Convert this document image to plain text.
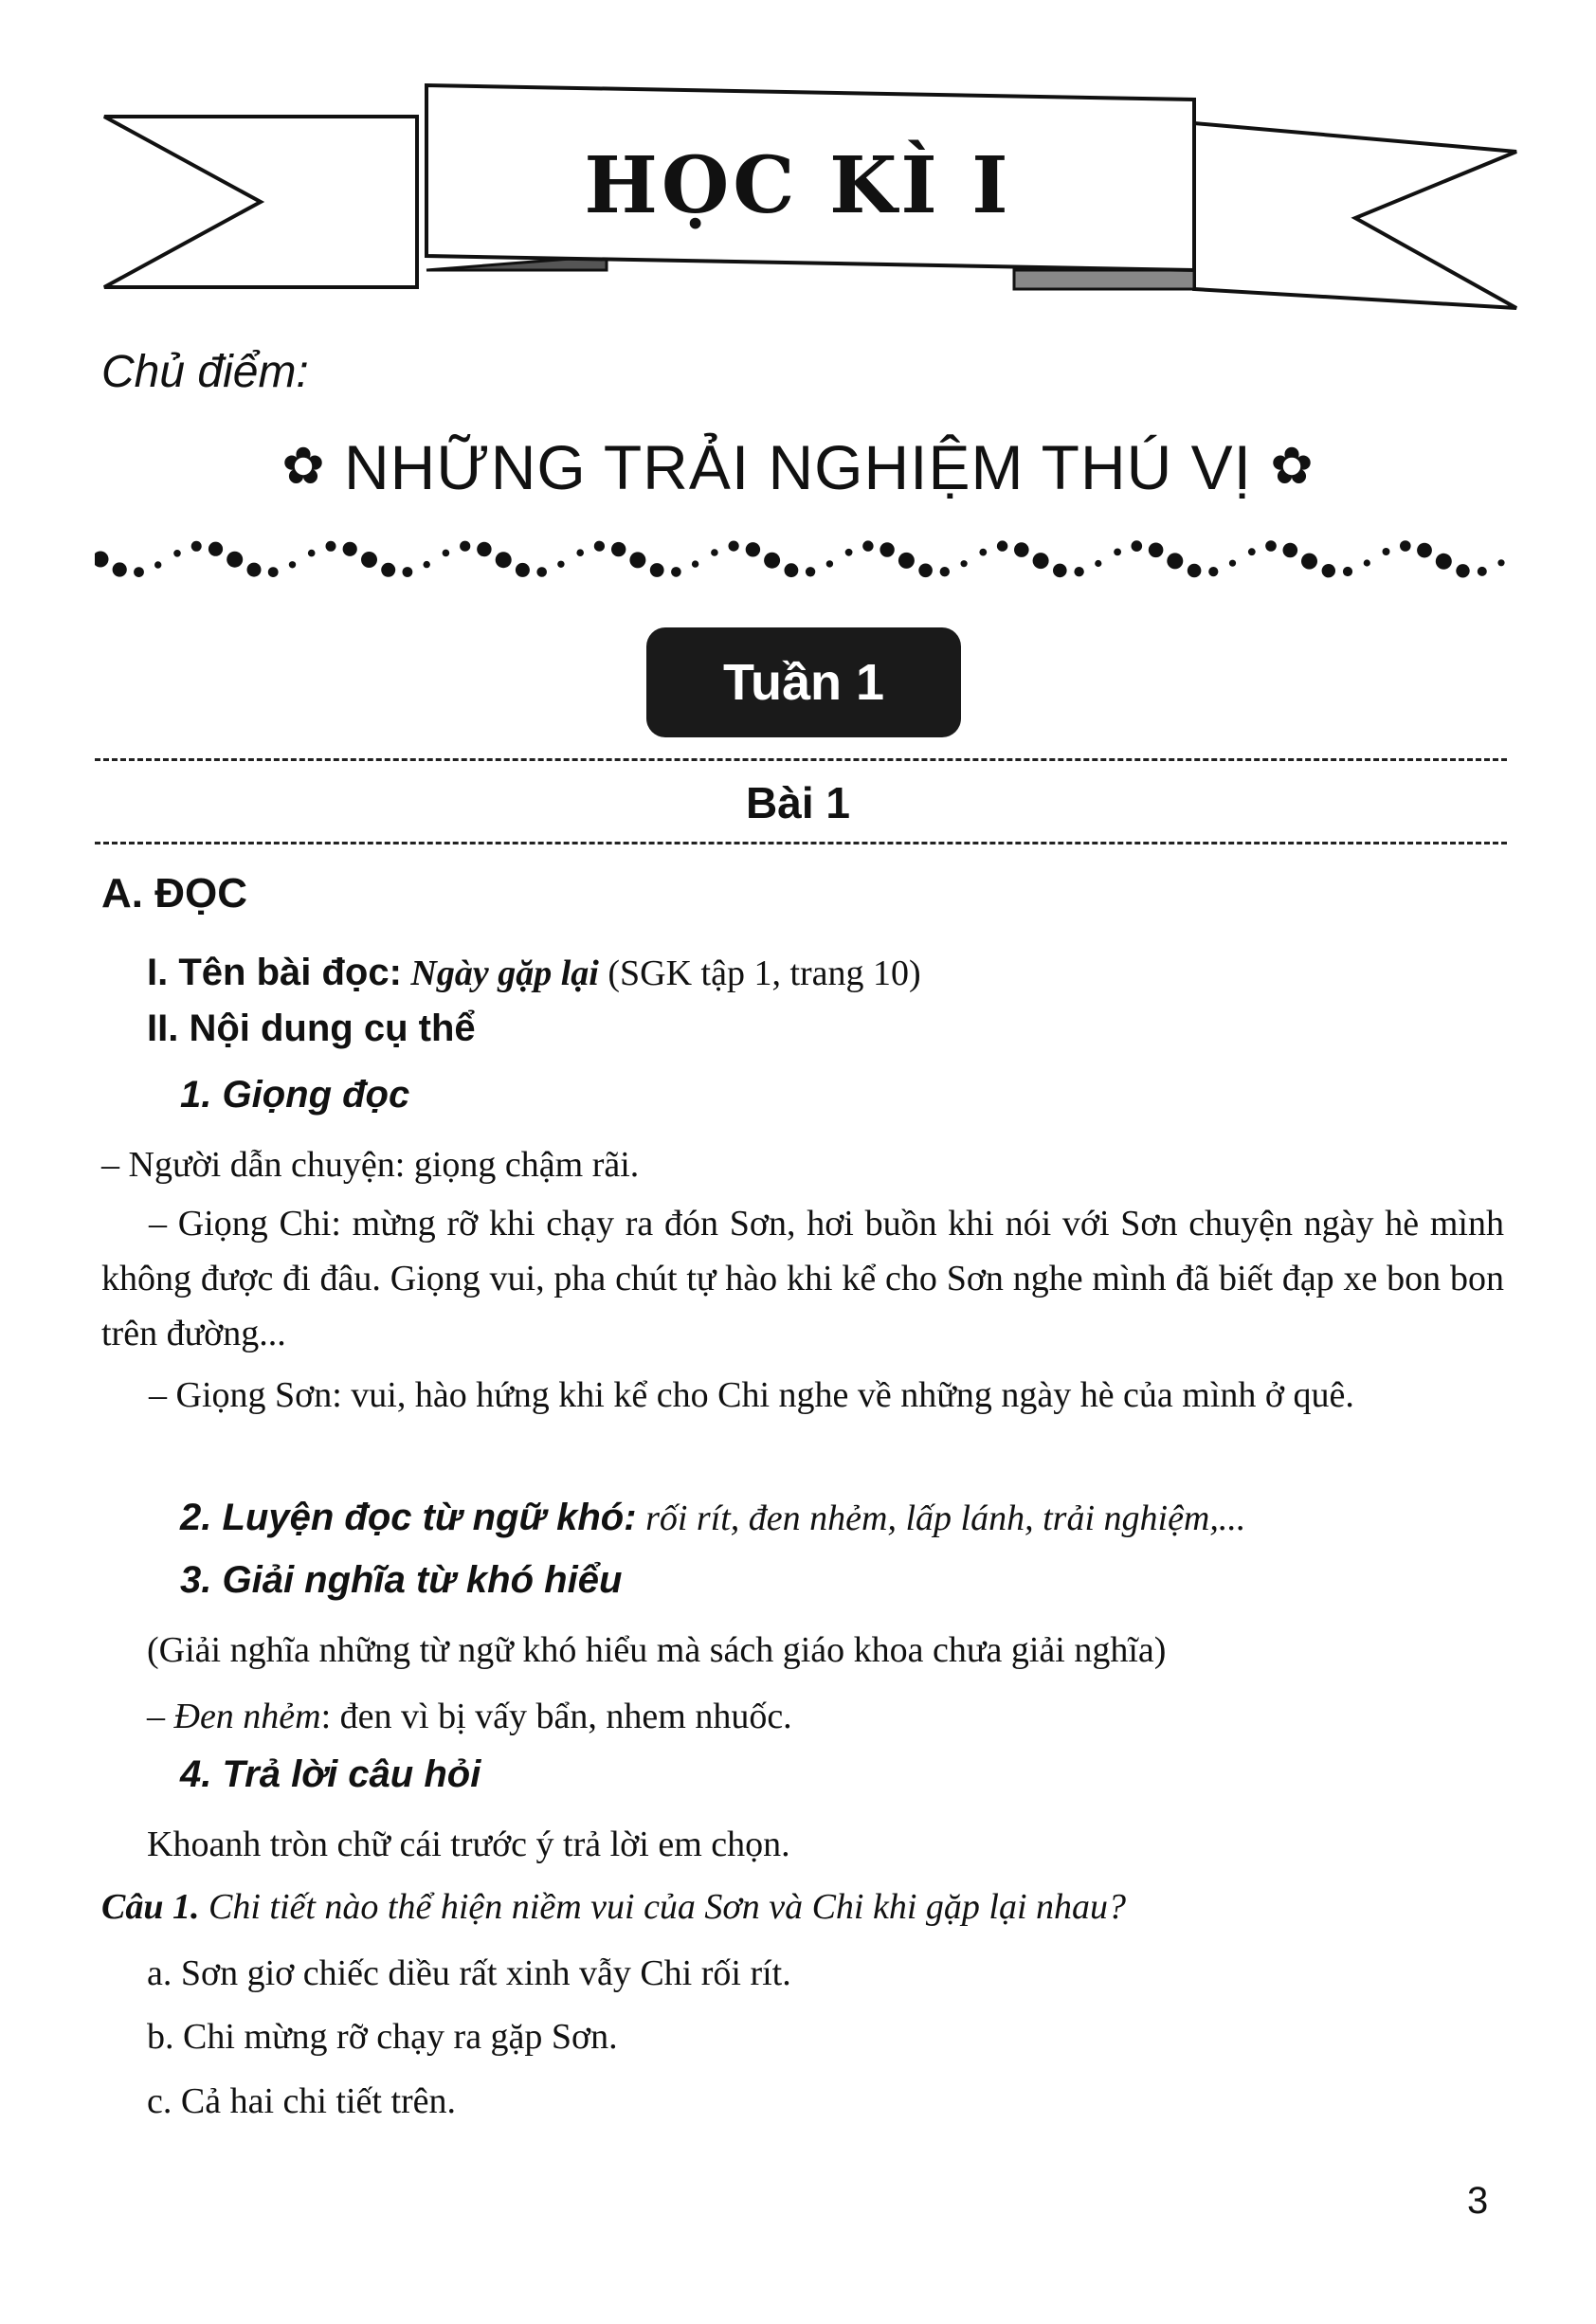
HỌC KÌ I
Chủ điểm:
✿ NHỮNG TRẢI NGHIỆM THÚ VỊ ✿
Tuần 1
Bài 1
A. ĐỌC
I. Tên bài đọc: Ngày gặp lại (SGK tập 1, trang 10)
II. Nội dung cụ thể
1. Giọng đọc
– Người dẫn chuyện: giọng chậm rãi.
– Giọng Chi: mừng rỡ khi chạy ra đón Sơn, hơi buồn khi nói với Sơn chuyện ngày hè mình không được đi đâu. Giọng vui, pha chút tự hào khi kể cho Sơn nghe mình đã biết đạp xe bon bon trên đường...
– Giọng Sơn: vui, hào hứng khi kể cho Chi nghe về những ngày hè của mình ở quê.
2. Luyện đọc từ ngữ khó: rối rít, đen nhẻm, lấp lánh, trải nghiệm,...
3. Giải nghĩa từ khó hiểu
(Giải nghĩa những từ ngữ khó hiểu mà sách giáo khoa chưa giải nghĩa)
– Đen nhẻm: đen vì bị vấy bẩn, nhem nhuốc.
4. Trả lời câu hỏi
Khoanh tròn chữ cái trước ý trả lời em chọn.
Câu 1. Chi tiết nào thể hiện niềm vui của Sơn và Chi khi gặp lại nhau?
a. Sơn giơ chiếc diều rất xinh vẫy Chi rối rít.
b. Chi mừng rỡ chạy ra gặp Sơn.
c. Cả hai chi tiết trên.
3
